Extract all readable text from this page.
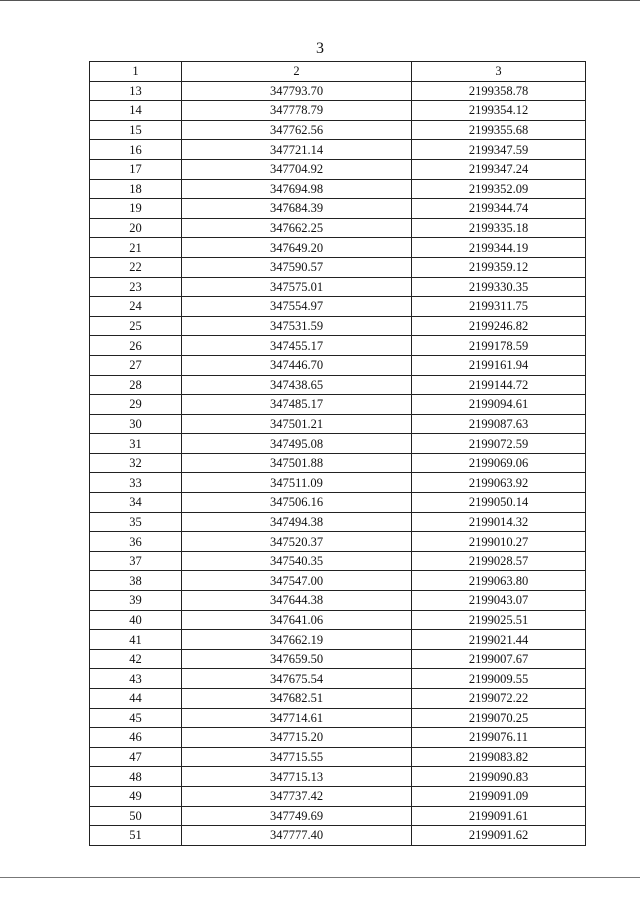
3
1	2	3
13	347793.70	2199358.78
14	347778.79	2199354.12
15	347762.56	2199355.68
16	347721.14	2199347.59
17	347704.92	2199347.24
18	347694.98	2199352.09
19	347684.39	2199344.74
20	347662.25	2199335.18
21	347649.20	2199344.19
22	347590.57	2199359.12
23	347575.01	2199330.35
24	347554.97	2199311.75
25	347531.59	2199246.82
26	347455.17	2199178.59
27	347446.70	2199161.94
28	347438.65	2199144.72
29	347485.17	2199094.61
30	347501.21	2199087.63
31	347495.08	2199072.59
32	347501.88	2199069.06
33	347511.09	2199063.92
34	347506.16	2199050.14
35	347494.38	2199014.32
36	347520.37	2199010.27
37	347540.35	2199028.57
38	347547.00	2199063.80
39	347644.38	2199043.07
40	347641.06	2199025.51
41	347662.19	2199021.44
42	347659.50	2199007.67
43	347675.54	2199009.55
44	347682.51	2199072.22
45	347714.61	2199070.25
46	347715.20	2199076.11
47	347715.55	2199083.82
48	347715.13	2199090.83
49	347737.42	2199091.09
50	347749.69	2199091.61
51	347777.40	2199091.62
